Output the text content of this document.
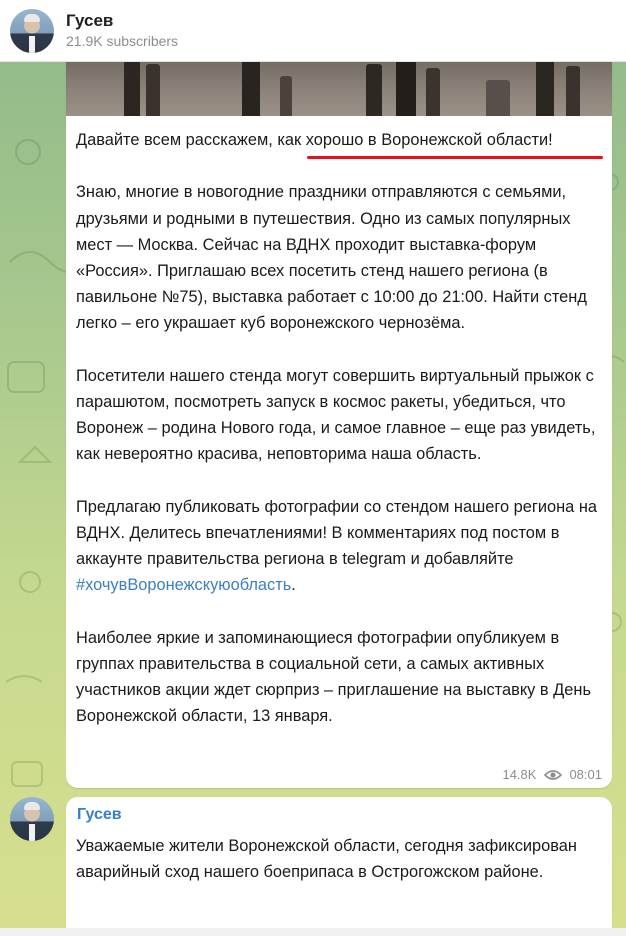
Гусев
21.9K subscribers

Давайте всем расскажем, как хорошо в Воронежской области!

Знаю, многие в новогодние праздники отправляются с семьями, друзьями и родными в путешествия. Одно из самых популярных мест — Москва. Сейчас на ВДНХ проходит выставка-форум «Россия». Приглашаю всех посетить стенд нашего региона (в павильоне №75), выставка работает с 10:00 до 21:00. Найти стенд легко – его украшает куб воронежского чернозёма.

Посетители нашего стенда могут совершить виртуальный прыжок с парашютом, посмотреть запуск в космос ракеты, убедиться, что Воронеж – родина Нового года, и самое главное – еще раз увидеть, как невероятно красива, неповторима наша область.

Предлагаю публиковать фотографии со стендом нашего региона на ВДНХ. Делитесь впечатлениями! В комментариях под постом в аккаунте правительства региона в telegram и добавляйте #хочувВоронежскуюобласть.

Наиболее яркие и запоминающиеся фотографии опубликуем в группах правительства в социальной сети, а самых активных участников акции ждет сюрприз – приглашение на выставку в День Воронежской области, 13 января.

14.8K	08:01
Гусев
Уважаемые жители Воронежской области, сегодня зафиксирован аварийный сход нашего боеприпаса в Острогожском районе.
